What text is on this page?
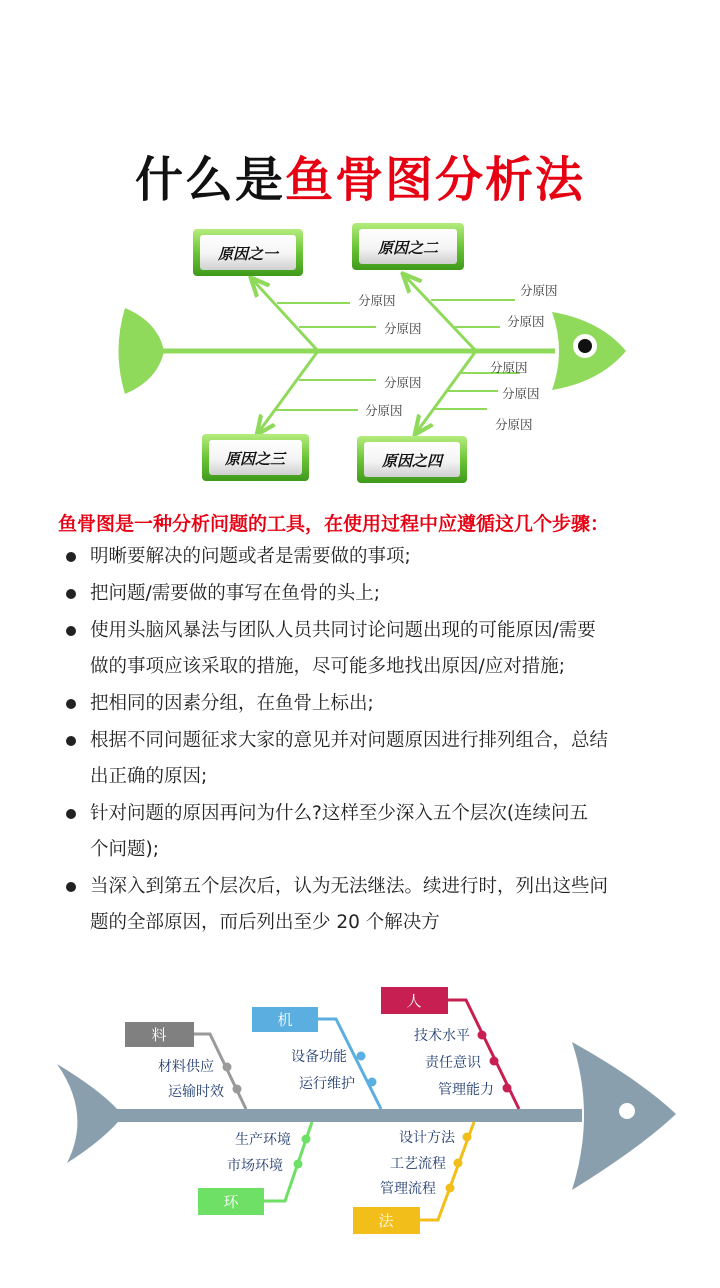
什么是鱼骨图分析法
分原因
分原因
分原因
分原因
分原因
分原因
分原因
分原因
分原因
原因之一	原因之二
原因之三	原因之四
料
材料供应
运输时效
机
设备功能
运行维护
人
技术水平
责任意识
管理能力
环
生产环境
市场环境
法
设计方法
工艺流程
管理流程
鱼骨图是一种分析问题的工具，在使用过程中应遵循这几个步骤：
明晰要解决的问题或者是需要做的事项;
把问题/需要做的事写在鱼骨的头上;
使用头脑风暴法与团队人员共同讨论问题出现的可能原因/需要
做的事项应该采取的措施，尽可能多地找出原因/应对措施;
把相同的因素分组，在鱼骨上标出;
根据不同问题征求大家的意见并对问题原因进行排列组合，总结
出正确的原因;
针对问题的原因再问为什么?这样至少深入五个层次(连续问五
个问题);
当深入到第五个层次后，认为无法继法。续进行时，列出这些问
题的全部原因，而后列出至少 20 个解决方
